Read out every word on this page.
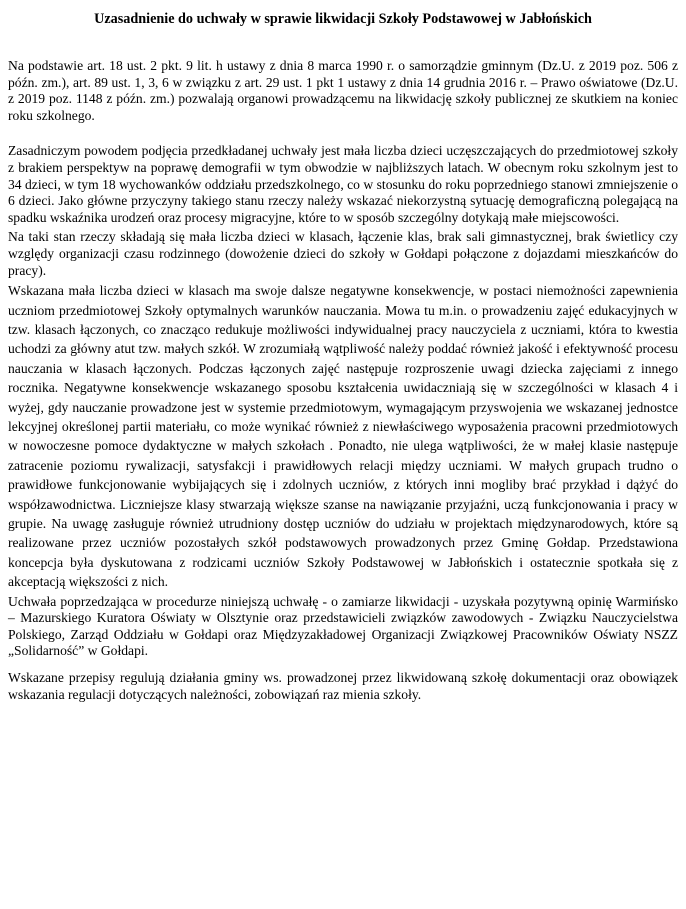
Uzasadnienie do uchwały w sprawie likwidacji Szkoły Podstawowej w Jabłońskich

Na podstawie art. 18 ust. 2 pkt. 9 lit. h ustawy z dnia 8 marca 1990 r. o samorządzie gminnym (Dz.U. z 2019 poz. 506 z późn. zm.), art. 89 ust. 1, 3, 6 w związku z art. 29 ust. 1 pkt 1 ustawy z dnia 14 grudnia 2016 r. – Prawo oświatowe (Dz.U. z 2019 poz. 1148 z późn. zm.) pozwalają organowi prowadzącemu na likwidację szkoły publicznej ze skutkiem na koniec roku szkolnego.

Zasadniczym powodem podjęcia przedkładanej uchwały jest mała liczba dzieci uczęszczających do przedmiotowej szkoły z brakiem perspektyw na poprawę demografii w tym obwodzie w najbliższych latach. W obecnym roku szkolnym jest to 34 dzieci, w tym 18 wychowanków oddziału przedszkolnego, co w stosunku do roku poprzedniego stanowi zmniejszenie o 6 dzieci. Jako główne przyczyny takiego stanu rzeczy należy wskazać niekorzystną sytuację demograficzną polegającą na spadku wskaźnika urodzeń oraz procesy migracyjne, które to w sposób szczególny dotykają małe miejscowości.

Na taki stan rzeczy składają się mała liczba dzieci w klasach, łączenie klas, brak sali gimnastycznej, brak świetlicy czy względy organizacji czasu rodzinnego (dowożenie dzieci do szkoły w Gołdapi połączone z dojazdami mieszkańców do pracy).

Wskazana mała liczba dzieci w klasach ma swoje dalsze negatywne konsekwencje, w postaci niemożności zapewnienia uczniom przedmiotowej Szkoły optymalnych warunków nauczania. Mowa tu m.in. o prowadzeniu zajęć edukacyjnych w tzw. klasach łączonych, co znacząco redukuje możliwości indywidualnej pracy nauczyciela z uczniami, która to kwestia uchodzi za główny atut tzw. małych szkół. W zrozumiałą wątpliwość należy poddać również jakość i efektywność procesu nauczania w klasach łączonych. Podczas łączonych zajęć następuje rozproszenie uwagi dziecka zajęciami z innego rocznika. Negatywne konsekwencje wskazanego sposobu kształcenia uwidaczniają się w szczególności w klasach 4 i wyżej, gdy nauczanie prowadzone jest w systemie przedmiotowym, wymagającym przyswojenia we wskazanej jednostce lekcyjnej określonej partii materiału, co może wynikać również z niewłaściwego wyposażenia pracowni przedmiotowych w nowoczesne pomoce dydaktyczne w małych szkołach . Ponadto, nie ulega wątpliwości, że w małej klasie następuje zatracenie poziomu rywalizacji, satysfakcji i prawidłowych relacji między uczniami. W małych grupach trudno o prawidłowe funkcjonowanie wybijających się i zdolnych uczniów, z których inni mogliby brać przykład i dążyć do współzawodnictwa. Liczniejsze klasy stwarzają większe szanse na nawiązanie przyjaźni, uczą funkcjonowania i pracy w grupie. Na uwagę zasługuje również utrudniony dostęp uczniów do udziału w projektach międzynarodowych, które są realizowane przez uczniów pozostałych szkół podstawowych prowadzonych przez Gminę Gołdap. Przedstawiona koncepcja była dyskutowana z rodzicami uczniów Szkoły Podstawowej w Jabłońskich i ostatecznie spotkała się z akceptacją większości z nich.

Uchwała poprzedzająca w procedurze niniejszą uchwałę - o zamiarze likwidacji - uzyskała pozytywną opinię Warmińsko – Mazurskiego Kuratora Oświaty w Olsztynie oraz przedstawicieli związków zawodowych - Związku Nauczycielstwa Polskiego, Zarząd Oddziału w Gołdapi oraz Międzyzakładowej Organizacji Związkowej Pracowników Oświaty NSZZ „Solidarność” w Gołdapi.

Wskazane przepisy regulują działania gminy ws. prowadzonej przez likwidowaną szkołę dokumentacji oraz obowiązek wskazania regulacji dotyczących należności, zobowiązań raz mienia szkoły.
